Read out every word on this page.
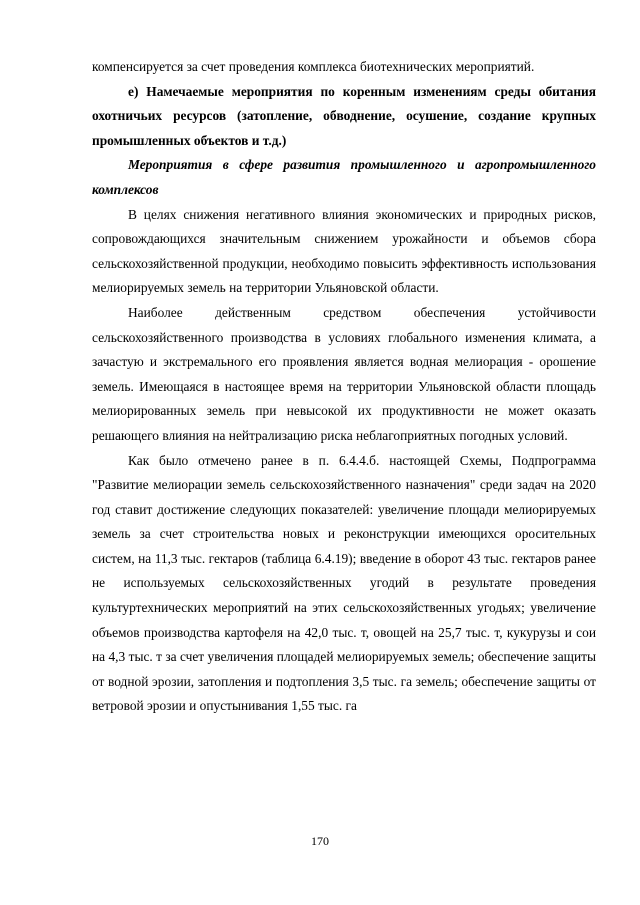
компенсируется за счет проведения комплекса биотехнических мероприятий.

е) Намечаемые мероприятия по коренным изменениям среды обитания охотничьих ресурсов (затопление, обводнение, осушение, создание крупных промышленных объектов и т.д.)

Мероприятия в сфере развития промышленного и агропромышленного комплексов

В целях снижения негативного влияния экономических и природных рисков, сопровождающихся значительным снижением урожайности и объемов сбора сельскохозяйственной продукции, необходимо повысить эффективность использования мелиорируемых земель на территории Ульяновской области.

Наиболее действенным средством обеспечения устойчивости сельскохозяйственного производства в условиях глобального изменения климата, а зачастую и экстремального его проявления является водная мелиорация - орошение земель. Имеющаяся в настоящее время на территории Ульяновской области площадь мелиорированных земель при невысокой их продуктивности не может оказать решающего влияния на нейтрализацию риска неблагоприятных погодных условий.

Как было отмечено ранее в п. 6.4.4.б. настоящей Схемы, Подпрограмма "Развитие мелиорации земель сельскохозяйственного назначения" среди задач на 2020 год ставит достижение следующих показателей: увеличение площади мелиорируемых земель за счет строительства новых и реконструкции имеющихся оросительных систем, на 11,3 тыс. гектаров (таблица 6.4.19); введение в оборот 43 тыс. гектаров ранее не используемых сельскохозяйственных угодий в результате проведения культуртехнических мероприятий на этих сельскохозяйственных угодьях; увеличение объемов производства картофеля на 42,0 тыс. т, овощей на 25,7 тыс. т, кукурузы и сои на 4,3 тыс. т за счет увеличения площадей мелиорируемых земель; обеспечение защиты от водной эрозии, затопления и подтопления 3,5 тыс. га земель; обеспечение защиты от ветровой эрозии и опустынивания 1,55 тыс. га

170
